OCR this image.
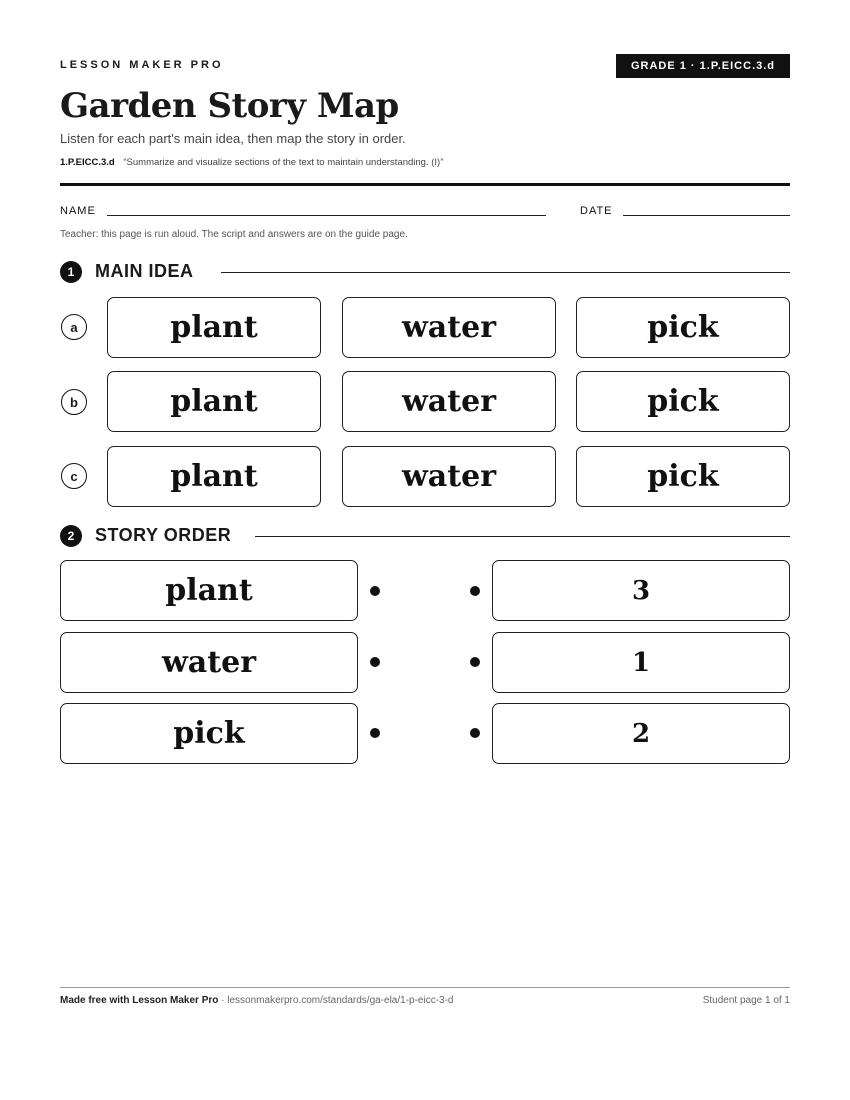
LESSON MAKER PRO	GRADE 1 · 1.P.EICC.3.d
Garden Story Map
Listen for each part's main idea, then map the story in order.
1.P.EICC.3.d “Summarize and visualize sections of the text to maintain understanding. (I)”
NAME	DATE
Teacher: this page is run aloud. The script and answers are on the guide page.
1	MAIN IDEA
a	plant	water	pick
b	plant	water	pick
c	plant	water	pick
2	STORY ORDER
plant	3
water	1
pick	2
Made free with Lesson Maker Pro · lessonmakerpro.com/standards/ga-ela/1-p-eicc-3-d	Student page 1 of 1
